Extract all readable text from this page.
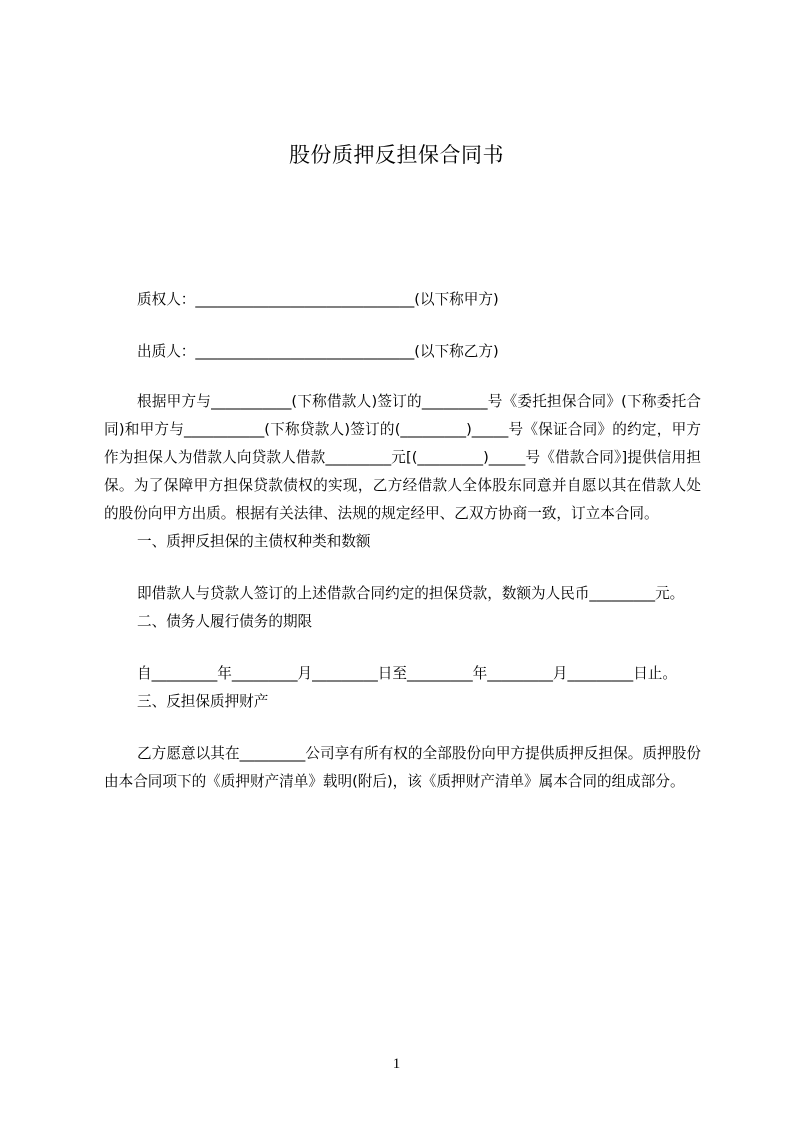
股份质押反担保合同书

质权人：______________________________(以下称甲方)

出质人：______________________________(以下称乙方)

根据甲方与___________(下称借款人)签订的_________号《委托担保合同》(下称委托合同)和甲方与___________(下称贷款人)签订的(_________)_____号《保证合同》的约定，甲方作为担保人为借款人向贷款人借款_________元[(_________)_____号《借款合同》]提供信用担保。为了保障甲方担保贷款债权的实现，乙方经借款人全体股东同意并自愿以其在借款人处的股份向甲方出质。根据有关法律、法规的规定经甲、乙双方协商一致，订立本合同。

一、质押反担保的主债权种类和数额

即借款人与贷款人签订的上述借款合同约定的担保贷款，数额为人民币_________元。

二、债务人履行债务的期限

自_________年_________月_________日至_________年_________月_________日止。

三、反担保质押财产

乙方愿意以其在_________公司享有所有权的全部股份向甲方提供质押反担保。质押股份由本合同项下的《质押财产清单》载明(附后)，该《质押财产清单》属本合同的组成部分。

1
